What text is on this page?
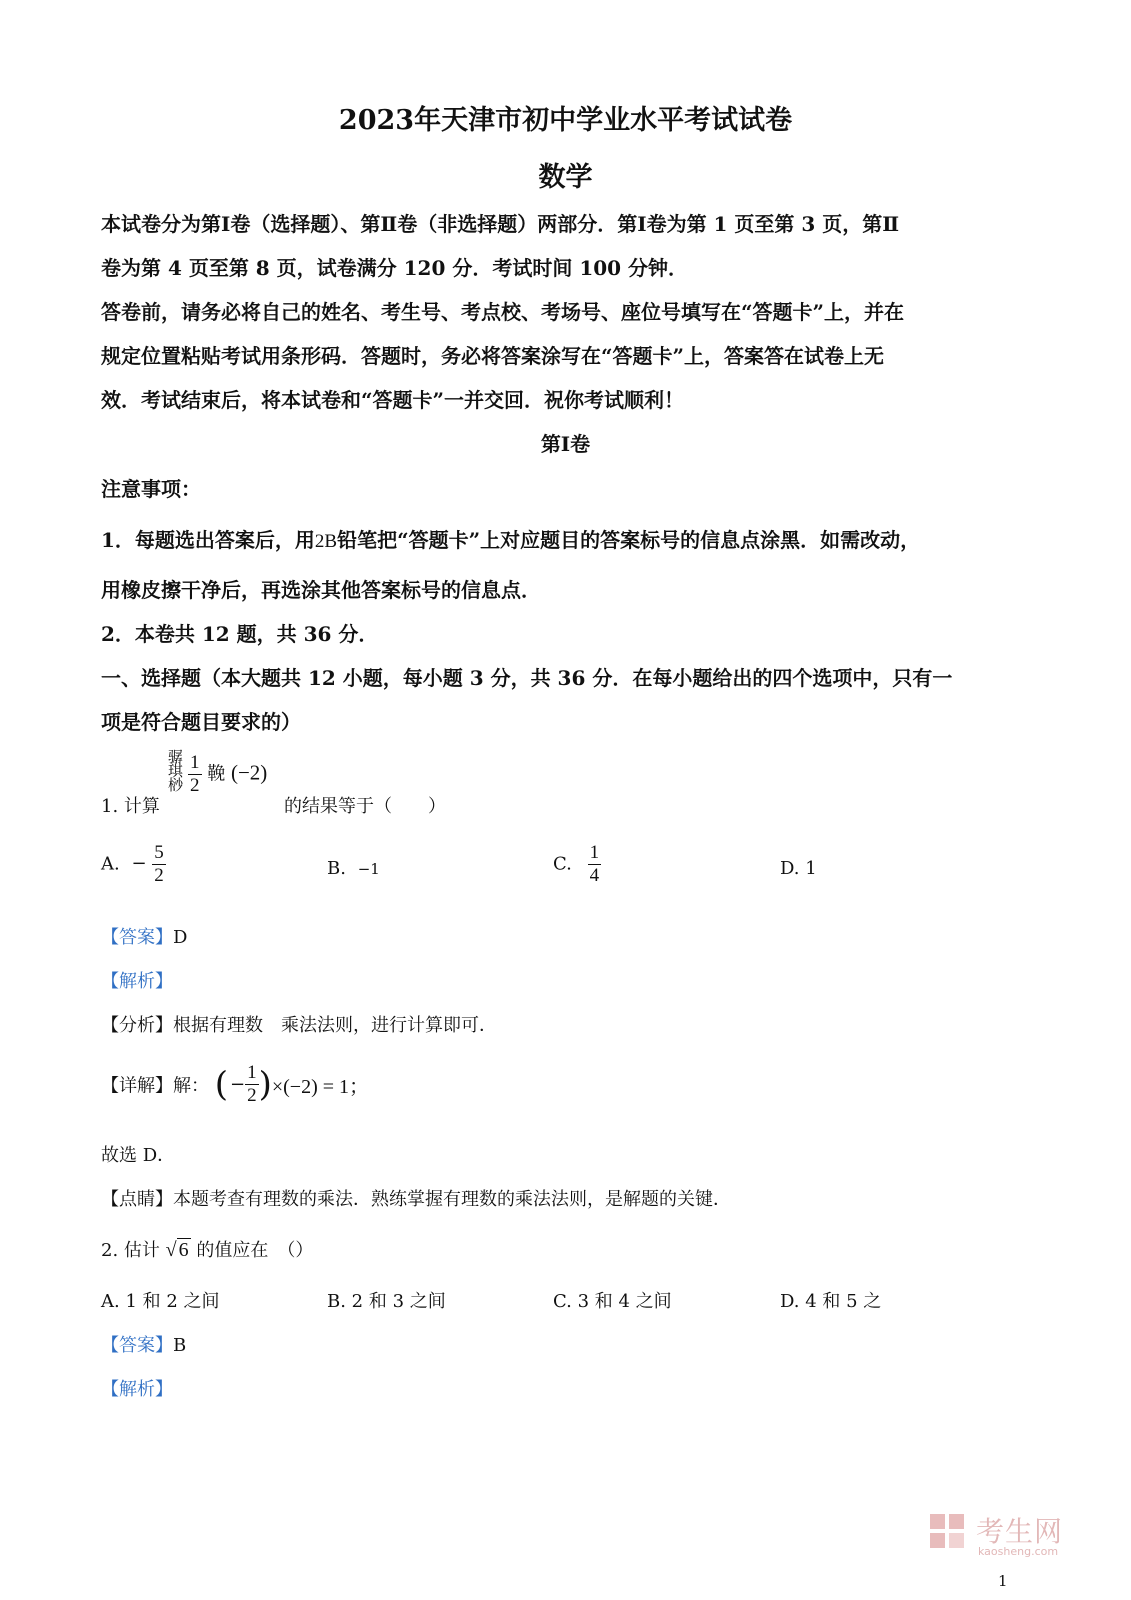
2023年天津市初中学业水平考试试卷
数学
本试卷分为第Ⅰ卷（选择题）、第Ⅱ卷（非选择题）两部分．第Ⅰ卷为第 1 页至第 3 页，第Ⅱ
卷为第 4 页至第 8 页，试卷满分 120 分．考试时间 100 分钟．
答卷前，请务必将自己的姓名、考生号、考点校、考场号、座位号填写在“答题卡”上，并在
规定位置粘贴考试用条形码．答题时，务必将答案涂写在“答题卡”上，答案答在试卷上无
效．考试结束后，将本试卷和“答题卡”一并交回．祝你考试顺利！
第Ⅰ卷
注意事项：
1．每题选出答案后，用2B铅笔把“答题卡”上对应题目的答案标号的信息点涂黑．如需改动，
用橡皮擦干净后，再选涂其他答案标号的信息点．
2．本卷共 12 题，共 36 分．
一、选择题（本大题共 12 小题，每小题 3 分，共 36 分．在每小题给出的四个选项中，只有一
项是符合题目要求的）
骣
琪
桫 $\frac{1}{2}$ 鞔 (−2)
1. 计算	的结果等于（　　）
A. − $\frac{5}{2}$	B. −1	C. $\frac{1}{4}$	D. 1
【答案】D
【解析】
【分析】根据有理数　乘法法则，进行计算即可．
【详解】解： ( − $\frac{1}{2} )\times(-2) = 1$；
故选 D．
【点睛】本题考查有理数的乘法．熟练掌握有理数的乘法法则，是解题的关键．
2. 估计 √ 6 的值应在　（）
A. 1 和 2 之间	B. 2 和 3 之间	C. 3 和 4 之间	D. 4 和 5 之
【答案】B
【解析】
考生网
kaosheng.com
1
